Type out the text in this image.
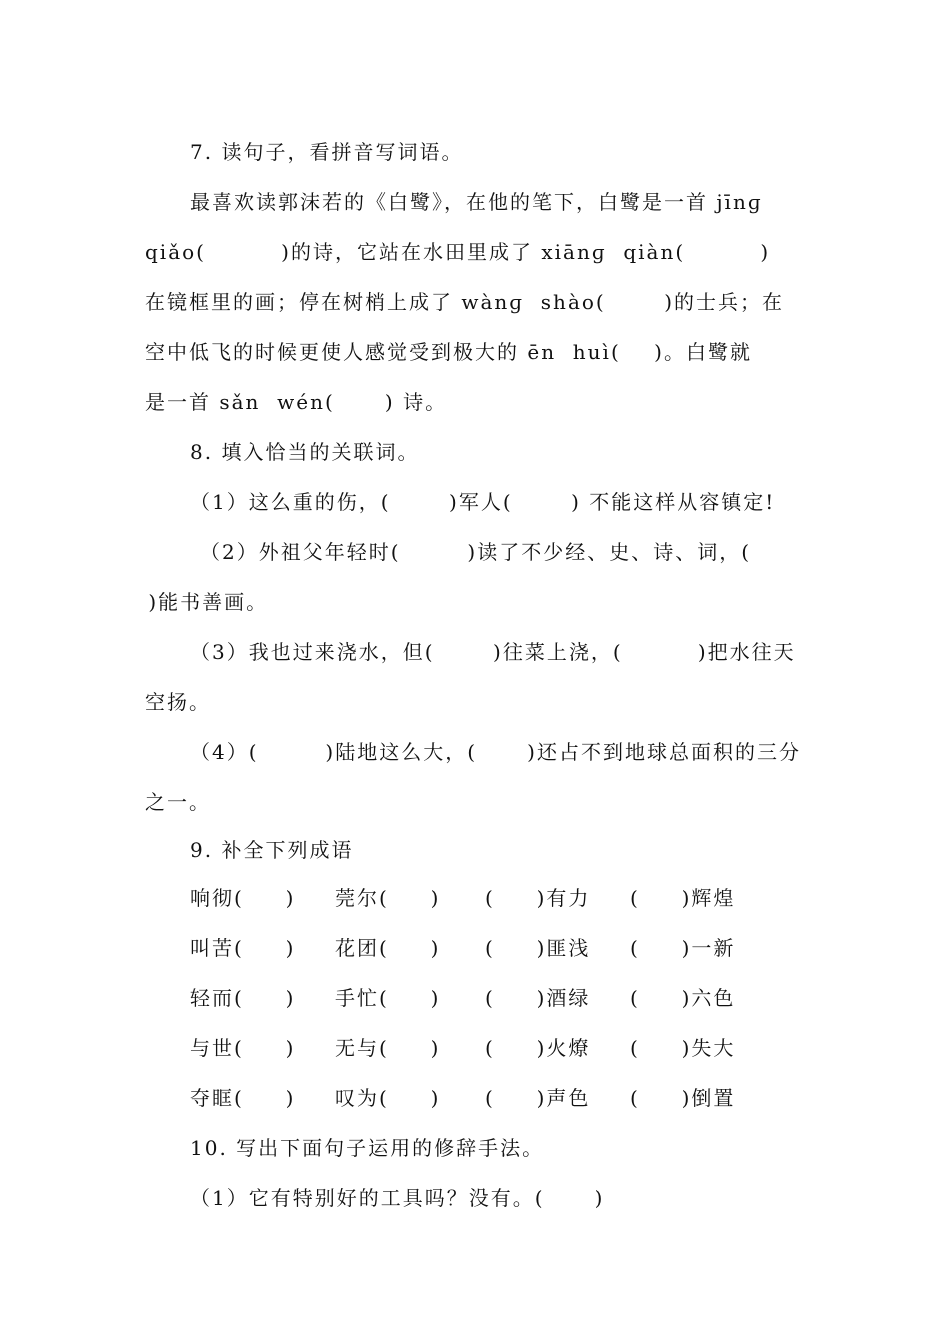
7. 读句子，看拼音写词语。
最喜欢读郭沫若的《白鹭》，在他的笔下，白鹭是一首 jīnɡ
qiǎo(         )的诗，它站在水田里成了 xiānɡ  qiàn(         )
在镜框里的画；停在树梢上成了 wànɡ  shào(       )的士兵；在
空中低飞的时候更使人感觉受到极大的 ēn  huì(    )。白鹭就
是一首 sǎn  wén(      ) 诗。
8. 填入恰当的关联词。
（1）这么重的伤，(       )军人(       ) 不能这样从容镇定!
（2）外祖父年轻时(        )读了不少经、史、诗、词，(
)能书善画。
（3）我也过来浇水，但(       )往菜上浇，(         )把水往天
空扬。
（4）(        )陆地这么大，(      )还占不到地球总面积的三分
之一。
9. 补全下列成语
响彻(     ) 莞尔(     ) (     )有力 (     )辉煌
叫苦(     ) 花团(     ) (     )匪浅 (     )一新
轻而(     ) 手忙(     ) (     )酒绿 (     )六色
与世(     ) 无与(     ) (     )火燎 (     )失大
夺眶(     ) 叹为(     ) (     )声色 (     )倒置
10. 写出下面句子运用的修辞手法。
（1）它有特别好的工具吗？没有。(      )
